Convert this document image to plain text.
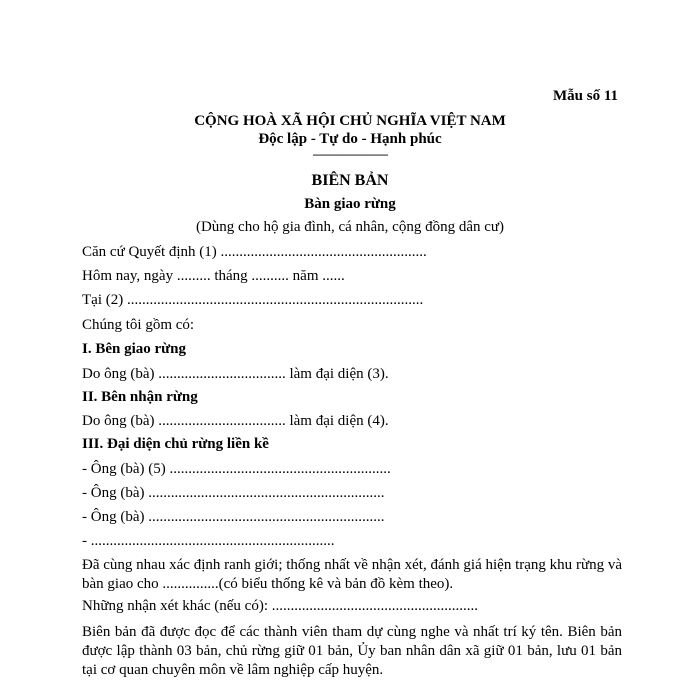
Mẫu số 11
CỘNG HOÀ XÃ HỘI CHỦ NGHĨA VIỆT NAM
Độc lập - Tự do - Hạnh phúc
-------------------------
BIÊN BẢN
Bàn giao rừng
(Dùng cho hộ gia đình, cá nhân, cộng đồng dân cư)
Căn cứ Quyết định (1) .......................................................
Hôm nay, ngày ......... tháng .......... năm ......
Tại (2) ...............................................................................
Chúng tôi gồm có:
I. Bên giao rừng
Do ông (bà) .................................. làm đại diện (3).
II. Bên nhận rừng
Do ông (bà) .................................. làm đại diện (4).
III. Đại diện chủ rừng liền kề
- Ông (bà) (5) ...........................................................
- Ông (bà) ...............................................................
- Ông (bà) ...............................................................
- .................................................................
Đã cùng nhau xác định ranh giới; thống nhất về nhận xét, đánh giá hiện trạng khu rừng và bàn giao cho ...............(có biểu thống kê và bản đồ kèm theo).
Những nhận xét khác (nếu có): .......................................................
Biên bản đã được đọc để các thành viên tham dự cùng nghe và nhất trí ký tên. Biên bản được lập thành 03 bản, chủ rừng giữ 01 bản, Ủy ban nhân dân xã giữ 01 bản, lưu 01 bản tại cơ quan chuyên môn về lâm nghiệp cấp huyện.
